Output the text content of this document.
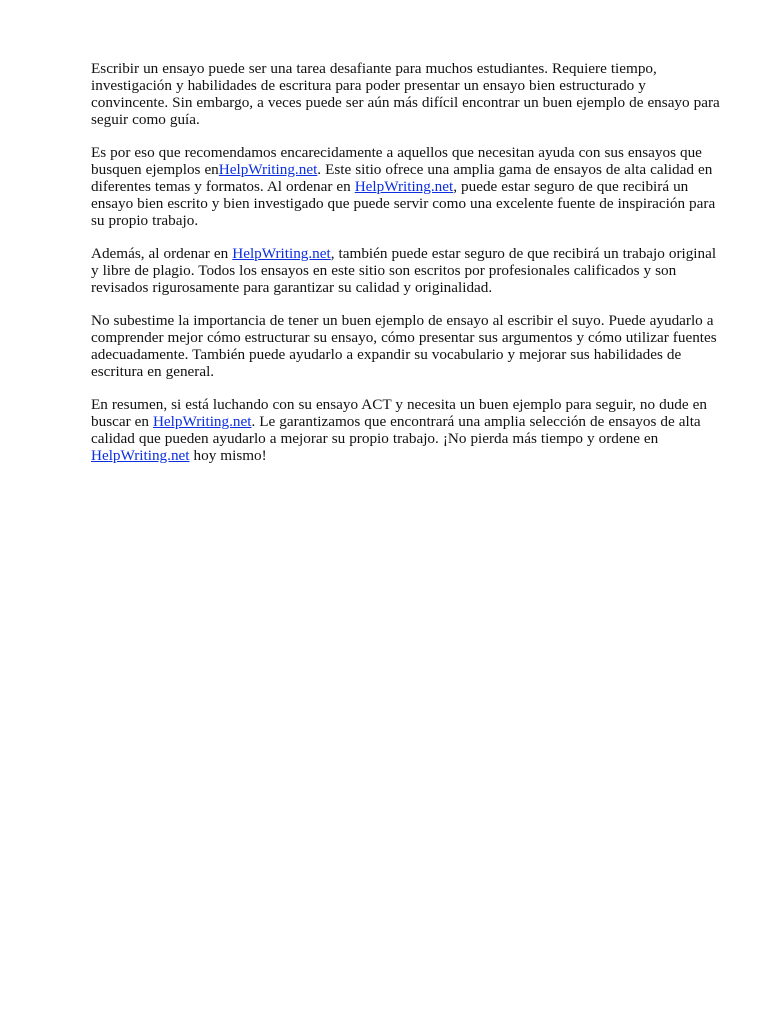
Escribir un ensayo puede ser una tarea desafiante para muchos estudiantes. Requiere tiempo, investigación y habilidades de escritura para poder presentar un ensayo bien estructurado y convincente. Sin embargo, a veces puede ser aún más difícil encontrar un buen ejemplo de ensayo para seguir como guía.

Es por eso que recomendamos encarecidamente a aquellos que necesitan ayuda con sus ensayos que busquen ejemplos enHelpWriting.net. Este sitio ofrece una amplia gama de ensayos de alta calidad en diferentes temas y formatos. Al ordenar en HelpWriting.net, puede estar seguro de que recibirá un ensayo bien escrito y bien investigado que puede servir como una excelente fuente de inspiración para su propio trabajo.

Además, al ordenar en HelpWriting.net, también puede estar seguro de que recibirá un trabajo original y libre de plagio. Todos los ensayos en este sitio son escritos por profesionales calificados y son revisados rigurosamente para garantizar su calidad y originalidad.

No subestime la importancia de tener un buen ejemplo de ensayo al escribir el suyo. Puede ayudarlo a comprender mejor cómo estructurar su ensayo, cómo presentar sus argumentos y cómo utilizar fuentes adecuadamente. También puede ayudarlo a expandir su vocabulario y mejorar sus habilidades de escritura en general.

En resumen, si está luchando con su ensayo ACT y necesita un buen ejemplo para seguir, no dude en buscar en HelpWriting.net. Le garantizamos que encontrará una amplia selección de ensayos de alta calidad que pueden ayudarlo a mejorar su propio trabajo. ¡No pierda más tiempo y ordene en HelpWriting.net hoy mismo!
